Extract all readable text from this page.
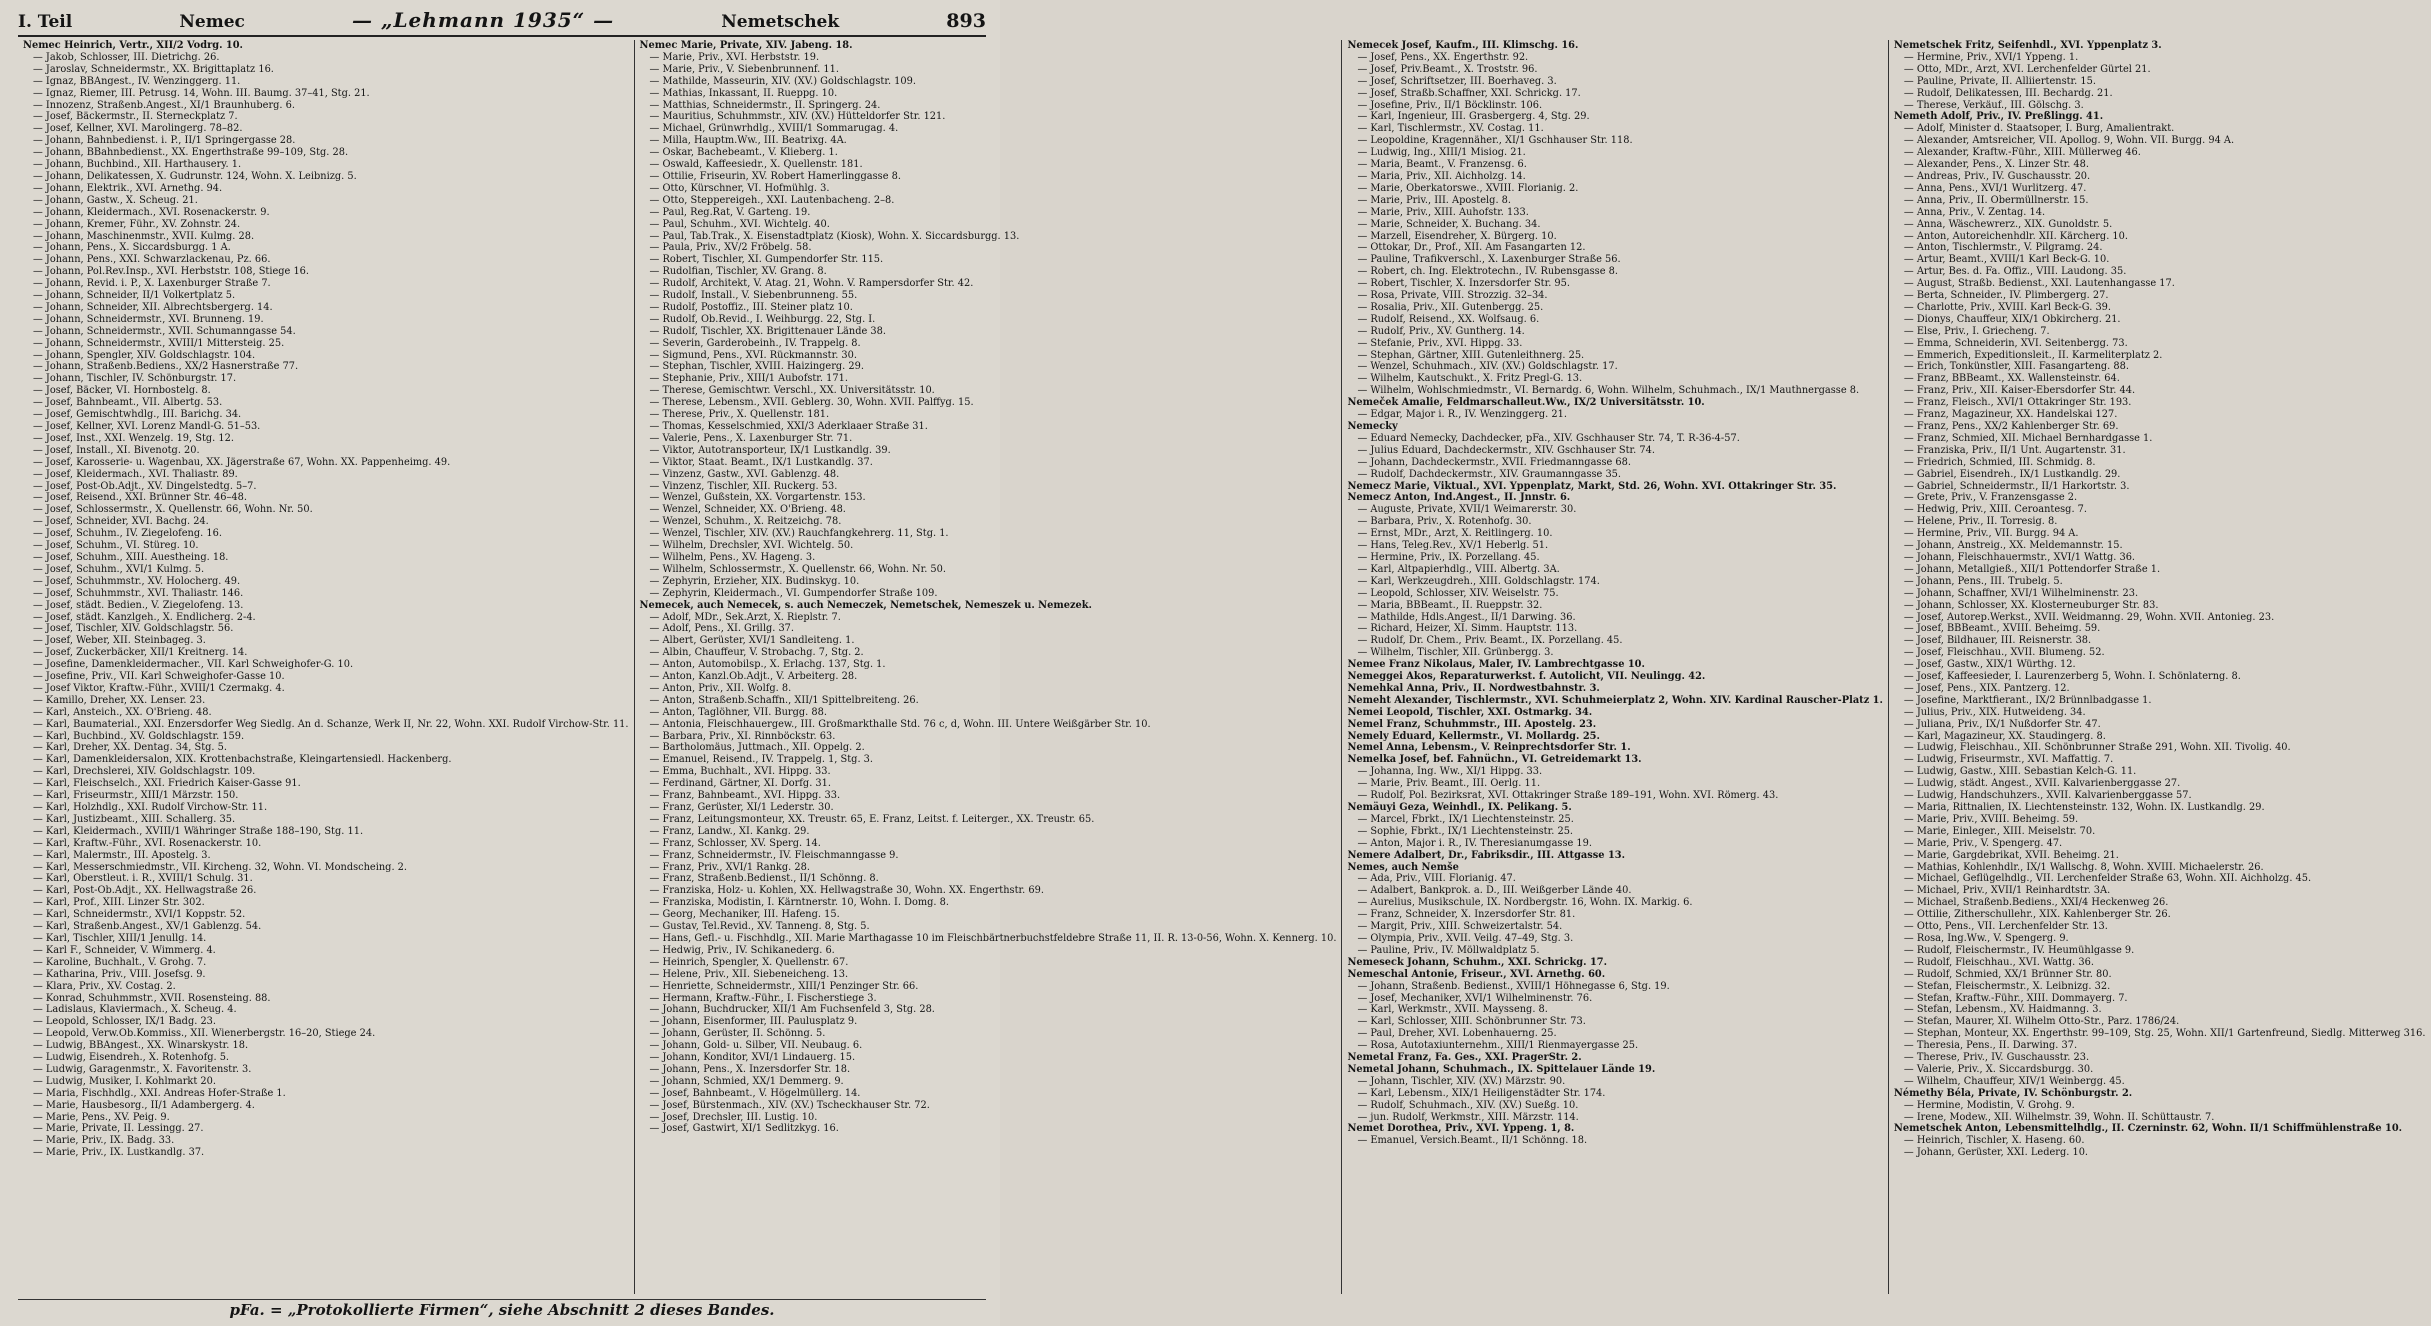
I. Teil	Nemec	— „Lehmann 1935“ —	Nemetschek	893
Nemec Heinrich, Vertr., XII/2 Vodrg. 10.
— Jakob, Schlosser, III. Dietrichg. 26.
— Jaroslav, Schneidermstr., XX. Brigittaplatz 16.
— Ignaz, BBAngest., IV. Wenzinggerg. 11.
— Ignaz, Riemer, III. Petrusg. 14, Wohn. III. Baumg. 37–41, Stg. 21.
— Innozenz, Straßenb.Angest., XI/1 Braunhuberg. 6.
— Josef, Bäckermstr., II. Sterneckplatz 7.
— Josef, Kellner, XVI. Marolingerg. 78–82.
— Johann, Bahnbedienst. i. P., II/1 Springergasse 28.
— Johann, BBahnbedienst., XX. Engerthstraße 99–109, Stg. 28.
— Johann, Buchbind., XII. Harthausery. 1.
— Johann, Delikatessen, X. Gudrunstr. 124, Wohn. X. Leibnizg. 5.
— Johann, Elektrik., XVI. Arnethg. 94.
— Johann, Gastw., X. Scheug. 21.
— Johann, Kleidermach., XVI. Rosenackerstr. 9.
— Johann, Kremer, Führ., XV. Zohnstr. 24.
— Johann, Maschinenmstr., XVII. Kulmg. 28.
— Johann, Pens., X. Siccardsburgg. 1 A.
— Johann, Pens., XXI. Schwarzlackenau, Pz. 66.
— Johann, Pol.Rev.Insp., XVI. Herbststr. 108, Stiege 16.
— Johann, Revid. i. P., X. Laxenburger Straße 7.
— Johann, Schneider, II/1 Volkertplatz 5.
— Johann, Schneider, XII. Albrechtsbergerg. 14.
— Johann, Schneidermstr., XVI. Brunneng. 19.
— Johann, Schneidermstr., XVII. Schumanngasse 54.
— Johann, Schneidermstr., XVIII/1 Mittersteig. 25.
— Johann, Spengler, XIV. Goldschlagstr. 104.
— Johann, Straßenb.Bediens., XX/2 Hasnerstraße 77.
— Johann, Tischler, IV. Schönburgstr. 17.
— Josef, Bäcker, VI. Hornbostelg. 8.
— Josef, Bahnbeamt., VII. Albertg. 53.
— Josef, Gemischtwhdlg., III. Barichg. 34.
— Josef, Kellner, XVI. Lorenz Mandl-G. 51–53.
— Josef, Inst., XXI. Wenzelg. 19, Stg. 12.
— Josef, Install., XI. Bivenotg. 20.
— Josef, Karosserie- u. Wagenbau, XX. Jägerstraße 67, Wohn. XX. Pappenheimg. 49.
— Josef, Kleidermach., XVI. Thaliastr. 89.
— Josef, Post-Ob.Adjt., XV. Dingelstedtg. 5–7.
— Josef, Reisend., XXI. Brünner Str. 46–48.
— Josef, Schlossermstr., X. Quellenstr. 66, Wohn. Nr. 50.
— Josef, Schneider, XVI. Bachg. 24.
— Josef, Schuhm., IV. Ziegelofeng. 16.
— Josef, Schuhm., VI. Stüreg. 10.
— Josef, Schuhm., XIII. Auestheing. 18.
— Josef, Schuhm., XVI/1 Kulmg. 5.
— Josef, Schuhmmstr., XV. Holocherg. 49.
— Josef, Schuhmmstr., XVI. Thaliastr. 146.
— Josef, städt. Bedien., V. Ziegelofeng. 13.
— Josef, städt. Kanzlgeh., X. Endlicherg. 2-4.
— Josef, Tischler, XIV. Goldschlagstr. 56.
— Josef, Weber, XII. Steinbageg. 3.
— Josef, Zuckerbäcker, XII/1 Kreitnerg. 14.
— Josefine, Damenkleidermacher., VII. Karl Schweighofer-G. 10.
— Josefine, Priv., VII. Karl Schweighofer-Gasse 10.
— Josef Viktor, Kraftw.-Führ., XVIII/1 Czermakg. 4.
— Kamillo, Dreher, XX. Lenser. 23.
— Karl, Ansteich., XX. O'Brieng. 48.
— Karl, Baumaterial., XXI. Enzersdorfer Weg Siedlg. An d. Schanze, Werk II, Nr. 22, Wohn. XXI. Rudolf Virchow-Str. 11.
— Karl, Buchbind., XV. Goldschlagstr. 159.
— Karl, Dreher, XX. Dentag. 34, Stg. 5.
— Karl, Damenkleidersalon, XIX. Krottenbachstraße, Kleingartensiedl. Hackenberg.
— Karl, Drechslerei, XIV. Goldschlagstr. 109.
— Karl, Fleischselch., XXI. Friedrich Kaiser-Gasse 91.
— Karl, Friseurmstr., XIII/1 Märzstr. 150.
— Karl, Holzhdlg., XXI. Rudolf Virchow-Str. 11.
— Karl, Justizbeamt., XIII. Schallerg. 35.
— Karl, Kleidermach., XVIII/1 Währinger Straße 188–190, Stg. 11.
— Karl, Kraftw.-Führ., XVI. Rosenackerstr. 10.
— Karl, Malermstr., III. Apostelg. 3.
— Karl, Messerschmiedmstr., VII. Kircheng. 32, Wohn. VI. Mondscheing. 2.
— Karl, Oberstleut. i. R., XVIII/1 Schulg. 31.
— Karl, Post-Ob.Adjt., XX. Hellwagstraße 26.
— Karl, Prof., XIII. Linzer Str. 302.
— Karl, Schneidermstr., XVI/1 Koppstr. 52.
— Karl, Straßenb.Angest., XV/1 Gablenzg. 54.
— Karl, Tischler, XIII/1 Jenullg. 14.
— Karl F., Schneider, V. Wimmerg. 4.
— Karoline, Buchhalt., V. Grohg. 7.
— Katharina, Priv., VIII. Josefsg. 9.
— Klara, Priv., XV. Costag. 2.
— Konrad, Schuhmmstr., XVII. Rosensteing. 88.
— Ladislaus, Klaviermach., X. Scheug. 4.
— Leopold, Schlosser, IX/1 Badg. 23.
— Leopold, Verw.Ob.Kommiss., XII. Wienerbergstr. 16–20, Stiege 24.
— Ludwig, BBAngest., XX. Winarskystr. 18.
— Ludwig, Eisendreh., X. Rotenhofg. 5.
— Ludwig, Garagenmstr., X. Favoritenstr. 3.
— Ludwig, Musiker, I. Kohlmarkt 20.
— Maria, Fischhdlg., XXI. Andreas Hofer-Straße 1.
— Marie, Hausbesorg., II/1 Adambergerg. 4.
— Marie, Pens., XV. Peig. 9.
— Marie, Private, II. Lessingg. 27.
— Marie, Priv., IX. Badg. 33.
— Marie, Priv., IX. Lustkandlg. 37.
Nemec Marie, Private, XIV. Jabeng. 18.
— Marie, Priv., XVI. Herbststr. 19.
— Marie, Priv., V. Siebenbrunnenf. 11.
— Mathilde, Masseurin, XIV. (XV.) Goldschlagstr. 109.
— Mathias, Inkassant, II. Rueppg. 10.
— Matthias, Schneidermstr., II. Springerg. 24.
— Mauritius, Schuhmmstr., XIV. (XV.) Hütteldorfer Str. 121.
— Michael, Grünwrhdlg., XVIII/1 Sommarugag. 4.
— Milla, Hauptm.Ww., III. Beatrixg. 4A.
— Oskar, Bachebeamt., V. Klieberg. 1.
— Oswald, Kaffeesiedr., X. Quellenstr. 181.
— Ottilie, Friseurin, XV. Robert Hamerlinggasse 8.
— Otto, Kürschner, VI. Hofmühlg. 3.
— Otto, Steppereigeh., XXI. Lautenbacheng. 2–8.
— Paul, Reg.Rat, V. Garteng. 19.
— Paul, Schuhm., XVI. Wichtelg. 40.
— Paul, Tab.Trak., X. Eisenstadtplatz (Kiosk), Wohn. X. Siccardsburgg. 13.
— Paula, Priv., XV/2 Fröbelg. 58.
— Robert, Tischler, XI. Gumpendorfer Str. 115.
— Rudolfian, Tischler, XV. Grang. 8.
— Rudolf, Architekt, V. Atag. 21, Wohn. V. Rampersdorfer Str. 42.
— Rudolf, Install., V. Siebenbrunneng. 55.
— Rudolf, Postoffiz., III. Steiner platz 10.
— Rudolf, Ob.Revid., I. Weihburgg. 22, Stg. I.
— Rudolf, Tischler, XX. Brigittenauer Lände 38.
— Severin, Garderobeinh., IV. Trappelg. 8.
— Sigmund, Pens., XVI. Rückmannstr. 30.
— Stephan, Tischler, XVIII. Haizingerg. 29.
— Stephanie, Priv., XIII/1 Aubofstr. 171.
— Therese, Gemischtwr. Verschl., XX. Universitätsstr. 10.
— Therese, Lebensm., XVII. Geblerg. 30, Wohn. XVII. Palffyg. 15.
— Therese, Priv., X. Quellenstr. 181.
— Thomas, Kesselschmied, XXI/3 Aderklaaer Straße 31.
— Valerie, Pens., X. Laxenburger Str. 71.
— Viktor, Autotransporteur, IX/1 Lustkandlg. 39.
— Viktor, Staat. Beamt., IX/1 Lustkandlg. 37.
— Vinzenz, Gastw., XVI. Gablenzg. 48.
— Vinzenz, Tischler, XII. Ruckerg. 53.
— Wenzel, Gußstein, XX. Vorgartenstr. 153.
— Wenzel, Schneider, XX. O'Brieng. 48.
— Wenzel, Schuhm., X. Reitzeichg. 78.
— Wenzel, Tischler, XIV. (XV.) Rauchfangkehrerg. 11, Stg. 1.
— Wilhelm, Drechsler, XVI. Wichtelg. 50.
— Wilhelm, Pens., XV. Hageng. 3.
— Wilhelm, Schlossermstr., X. Quellenstr. 66, Wohn. Nr. 50.
— Zephyrin, Erzieher, XIX. Budinskyg. 10.
— Zephyrin, Kleidermach., VI. Gumpendorfer Straße 109.
Nemecek, auch Nemecek, s. auch Nemeczek, Nemetschek, Nemeszek u. Nemezek.
— Adolf, MDr., Sek.Arzt, X. Rieplstr. 7.
— Adolf, Pens., XI. Grillg. 37.
— Albert, Gerüster, XVI/1 Sandleiteng. 1.
— Albin, Chauffeur, V. Strobachg. 7, Stg. 2.
— Anton, Automobilsp., X. Erlachg. 137, Stg. 1.
— Anton, Kanzl.Ob.Adjt., V. Arbeiterg. 28.
— Anton, Priv., XII. Wolfg. 8.
— Anton, Straßenb.Schaffn., XII/1 Spittelbreiteng. 26.
— Anton, Taglöhner, VII. Burgg. 88.
— Antonia, Fleischhauergew., III. Großmarkthalle Std. 76 c, d, Wohn. III. Untere Weißgärber Str. 10.
— Barbara, Priv., XI. Rinnböckstr. 63.
— Bartholomäus, Juttmach., XII. Oppelg. 2.
— Emanuel, Reisend., IV. Trappelg. 1, Stg. 3.
— Emma, Buchhalt., XVI. Hippg. 33.
— Ferdinand, Gärtner, XI. Dorfg. 31.
— Franz, Bahnbeamt., XVI. Hippg. 33.
— Franz, Gerüster, XI/1 Lederstr. 30.
— Franz, Leitungsmonteur, XX. Treustr. 65, E. Franz, Leitst. f. Leiterger., XX. Treustr. 65.
— Franz, Landw., XI. Kankg. 29.
— Franz, Schlosser, XV. Sperg. 14.
— Franz, Schneidermstr., IV. Fleischmanngasse 9.
— Franz, Priv., XVI/1 Rankg. 28.
— Franz, Straßenb.Bedienst., II/1 Schönng. 8.
— Franziska, Holz- u. Kohlen, XX. Hellwagstraße 30, Wohn. XX. Engerthstr. 69.
— Franziska, Modistin, I. Kärntnerstr. 10, Wohn. I. Domg. 8.
— Georg, Mechaniker, III. Hafeng. 15.
— Gustav, Tel.Revid., XV. Tanneng. 8, Stg. 5.
— Hans, Gefl.- u. Fischhdlg., XII. Marie Marthagasse 10 im Fleischbärtnerbuchstfeldebre Straße 11, II. R. 13-0-56, Wohn. X. Kennerg. 10.
— Hedwig, Priv., IV. Schikanederg. 6.
— Heinrich, Spengler, X. Quellenstr. 67.
— Helene, Priv., XII. Siebeneicheng. 13.
— Henriette, Schneidermstr., XIII/1 Penzinger Str. 66.
— Hermann, Kraftw.-Führ., I. Fischerstiege 3.
— Johann, Buchdrucker, XII/1 Am Fuchsenfeld 3, Stg. 28.
— Johann, Eisenformer, III. Paulusplatz 9.
— Johann, Gerüster, II. Schönng. 5.
— Johann, Gold- u. Silber, VII. Neubaug. 6.
— Johann, Konditor, XVI/1 Lindauerg. 15.
— Johann, Pens., X. Inzersdorfer Str. 18.
— Johann, Schmied, XX/1 Demmerg. 9.
— Josef, Bahnbeamt., V. Högelmüllerg. 14.
— Josef, Bürstenmach., XIV. (XV.) Tscheckhauser Str. 72.
— Josef, Drechsler, III. Lustig. 10.
— Josef, Gastwirt, XI/1 Sedlitzkyg. 16.
Nemecek Josef, Kaufm., III. Klimschg. 16.
— Josef, Pens., XX. Engerthstr. 92.
— Josef, Priv.Beamt., X. Troststr. 96.
— Josef, Schriftsetzer, III. Boerhaveg. 3.
— Josef, Straßb.Schaffner, XXI. Schrickg. 17.
— Josefine, Priv., II/1 Böcklinstr. 106.
— Karl, Ingenieur, III. Grasbergerg. 4, Stg. 29.
— Karl, Tischlermstr., XV. Costag. 11.
— Leopoldine, Kragennäher., XI/1 Gschhauser Str. 118.
— Ludwig, Ing., XIII/1 Misiog. 21.
— Maria, Beamt., V. Franzensg. 6.
— Maria, Priv., XII. Aichholzg. 14.
— Marie, Oberkatorswe., XVIII. Florianig. 2.
— Marie, Priv., III. Apostelg. 8.
— Marie, Priv., XIII. Auhofstr. 133.
— Marie, Schneider, X. Buchang. 34.
— Marzell, Eisendreher, X. Bürgerg. 10.
— Ottokar, Dr., Prof., XII. Am Fasangarten 12.
— Pauline, Trafikverschl., X. Laxenburger Straße 56.
— Robert, ch. Ing. Elektrotechn., IV. Rubensgasse 8.
— Robert, Tischler, X. Inzersdorfer Str. 95.
— Rosa, Private, VIII. Strozzig. 32–34.
— Rosalia, Priv., XII. Gutenbergg. 25.
— Rudolf, Reisend., XX. Wolfsaug. 6.
— Rudolf, Priv., XV. Guntherg. 14.
— Stefanie, Priv., XVI. Hippg. 33.
— Stephan, Gärtner, XIII. Gutenleithnerg. 25.
— Wenzel, Schuhmach., XIV. (XV.) Goldschlagstr. 17.
— Wilhelm, Kautschukt., X. Fritz Pregl-G. 13.
— Wilhelm, Wohlschmiedmstr., VI. Bernardg. 6, Wohn. Wilhelm, Schuhmach., IX/1 Mauthnergasse 8.
Nemeček Amalie, Feldmarschalleut.Ww., IX/2 Universitätsstr. 10.
— Edgar, Major i. R., IV. Wenzinggerg. 21.
Nemecky
— Eduard Nemecky, Dachdecker, pFa., XIV. Gschhauser Str. 74, T. R-36-4-57.
— Julius Eduard, Dachdeckermstr., XIV. Gschhauser Str. 74.
— Johann, Dachdeckermstr., XVII. Friedmanngasse 68.
— Rudolf, Dachdeckermstr., XIV. Graumanngasse 35.
Nemecz Marie, Viktual., XVI. Yppenplatz, Markt, Std. 26, Wohn. XVI. Ottakringer Str. 35.
Nemecz Anton, Ind.Angest., II. Jnnstr. 6.
— Auguste, Private, XVII/1 Weimarerstr. 30.
— Barbara, Priv., X. Rotenhofg. 30.
— Ernst, MDr., Arzt, X. Reitlingerg. 10.
— Hans, Teleg.Rev., XV/1 Heberlg. 51.
— Hermine, Priv., IX. Porzellang. 45.
— Karl, Altpapierhdlg., VIII. Albertg. 3A.
— Karl, Werkzeugdreh., XIII. Goldschlagstr. 174.
— Leopold, Schlosser, XIV. Weiselstr. 75.
— Maria, BBBeamt., II. Rueppstr. 32.
— Mathilde, Hdls.Angest., II/1 Darwing. 36.
— Richard, Heizer, XI. Simm. Hauptstr. 113.
— Rudolf, Dr. Chem., Priv. Beamt., IX. Porzellang. 45.
— Wilhelm, Tischler, XII. Grünbergg. 3.
Nemee Franz Nikolaus, Maler, IV. Lambrechtgasse 10.
Nemeggei Akos, Reparaturwerkst. f. Autolicht, VII. Neulingg. 42.
Nemehkal Anna, Priv., II. Nordwestbahnstr. 3.
Nemeht Alexander, Tischlermstr., XVI. Schuhmeierplatz 2, Wohn. XIV. Kardinal Rauscher-Platz 1.
Nemei Leopold, Tischler, XXI. Ostmarkg. 34.
Nemel Franz, Schuhmmstr., III. Apostelg. 23.
Nemely Eduard, Kellermstr., VI. Mollardg. 25.
Nemel Anna, Lebensm., V. Reinprechtsdorfer Str. 1.
Nemelka Josef, bef. Fahnüchn., VI. Getreidemarkt 13.
— Johanna, Ing. Ww., XI/1 Hippg. 33.
— Marie, Priv. Beamt., III. Oerlg. 11.
— Rudolf, Pol. Bezirksrat, XVI. Ottakringer Straße 189–191, Wohn. XVI. Römerg. 43.
Nemäuyi Geza, Weinhdl., IX. Pelikang. 5.
— Marcel, Fbrkt., IX/1 Liechtensteinstr. 25.
— Sophie, Fbrkt., IX/1 Liechtensteinstr. 25.
— Anton, Major i. R., IV. Theresianumgasse 19.
Nemere Adalbert, Dr., Fabriksdir., III. Attgasse 13.
Nemes, auch Nemše
— Ada, Priv., VIII. Florianig. 47.
— Adalbert, Bankprok. a. D., III. Weißgerber Lände 40.
— Aurelius, Musikschule, IX. Nordbergstr. 16, Wohn. IX. Markig. 6.
— Franz, Schneider, X. Inzersdorfer Str. 81.
— Margit, Priv., XIII. Schweizertalstr. 54.
— Olympia, Priv., XVII. Veilg. 47–49, Stg. 3.
— Pauline, Priv., IV. Möllwaldplatz 5.
Nemeseck Johann, Schuhm., XXI. Schrickg. 17.
Nemeschal Antonie, Friseur., XVI. Arnethg. 60.
— Johann, Straßenb. Bedienst., XVIII/1 Höhnegasse 6, Stg. 19.
— Josef, Mechaniker, XVI/1 Wilhelminenstr. 76.
— Karl, Werkmstr., XVII. Maysseng. 8.
— Karl, Schlosser, XIII. Schönbrunner Str. 73.
— Paul, Dreher, XVI. Lobenhauerng. 25.
— Rosa, Autotaxiunternehm., XIII/1 Rienmayergasse 25.
Nemetal Franz, Fa. Ges., XXI. PragerStr. 2.
Nemetal Johann, Schuhmach., IX. Spittelauer Lände 19.
— Johann, Tischler, XIV. (XV.) Märzstr. 90.
— Karl, Lebensm., XIX/1 Heiligenstädter Str. 174.
— Rudolf, Schuhmach., XIV. (XV.) Sueßg. 10.
— jun. Rudolf, Werkmstr., XIII. Märzstr. 114.
Nemet Dorothea, Priv., XVI. Yppeng. 1, 8.
— Emanuel, Versich.Beamt., II/1 Schönng. 18.
Nemetschek Fritz, Seifenhdl., XVI. Yppenplatz 3.
— Hermine, Priv., XVI/1 Yppeng. 1.
— Otto, MDr., Arzt, XVI. Lerchenfelder Gürtel 21.
— Pauline, Private, II. Alliiertenstr. 15.
— Rudolf, Delikatessen, III. Bechardg. 21.
— Therese, Verkäuf., III. Gölschg. 3.
Nemeth Adolf, Priv., IV. Preßlingg. 41.
— Adolf, Minister d. Staatsoper, I. Burg, Amalientrakt.
— Alexander, Amtsreicher, VII. Apollog. 9, Wohn. VII. Burgg. 94 A.
— Alexander, Kraftw.-Führ., XIII. Müllerweg 46.
— Alexander, Pens., X. Linzer Str. 48.
— Andreas, Priv., IV. Guschausstr. 20.
— Anna, Pens., XVI/1 Wurlitzerg. 47.
— Anna, Priv., II. Obermüllnerstr. 15.
— Anna, Priv., V. Zentag. 14.
— Anna, Wäschewrerz., XIX. Gunoldstr. 5.
— Anton, Autoreichenhdlr. XII. Kärcherg. 10.
— Anton, Tischlermstr., V. Pilgramg. 24.
— Artur, Beamt., XVIII/1 Karl Beck-G. 10.
— Artur, Bes. d. Fa. Offiz., VIII. Laudong. 35.
— August, Straßb. Bedienst., XXI. Lautenhangasse 17.
— Berta, Schneider., IV. Plimbergerg. 27.
— Charlotte, Priv., XVIII. Karl Beck-G. 39.
— Dionys, Chauffeur, XIX/1 Obkircherg. 21.
— Else, Priv., I. Griecheng. 7.
— Emma, Schneiderin, XVI. Seitenbergg. 73.
— Emmerich, Expeditionsleit., II. Karmeliterplatz 2.
— Erich, Tonkünstler, XIII. Fasangarteng. 88.
— Franz, BBBeamt., XX. Wallensteinstr. 64.
— Franz, Priv., XII. Kaiser-Ebersdorfer Str. 44.
— Franz, Fleisch., XVI/1 Ottakringer Str. 193.
— Franz, Magazineur, XX. Handelskai 127.
— Franz, Pens., XX/2 Kahlenberger Str. 69.
— Franz, Schmied, XII. Michael Bernhardgasse 1.
— Franziska, Priv., II/1 Unt. Augartenstr. 31.
— Friedrich, Schmied, III. Schmidg. 8.
— Gabriel, Eisendreh., IX/1 Lustkandlg. 29.
— Gabriel, Schneidermstr., II/1 Harkortstr. 3.
— Grete, Priv., V. Franzensgasse 2.
— Hedwig, Priv., XIII. Ceroantesg. 7.
— Helene, Priv., II. Torresig. 8.
— Hermine, Priv., VII. Burgg. 94 A.
— Johann, Anstreig., XX. Meldemannstr. 15.
— Johann, Fleischhauermstr., XVI/1 Wattg. 36.
— Johann, Metallgieß., XII/1 Pottendorfer Straße 1.
— Johann, Pens., III. Trubelg. 5.
— Johann, Schaffner, XVI/1 Wilhelminenstr. 23.
— Johann, Schlosser, XX. Klosterneuburger Str. 83.
— Josef, Autorep.Werkst., XVII. Weidmanng. 29, Wohn. XVII. Antonieg. 23.
— Josef, BBBeamt., XVIII. Beheimg. 59.
— Josef, Bildhauer, III. Reisnerstr. 38.
— Josef, Fleischhau., XVII. Blumeng. 52.
— Josef, Gastw., XIX/1 Würthg. 12.
— Josef, Kaffeesieder, I. Laurenzerberg 5, Wohn. I. Schönlaterng. 8.
— Josef, Pens., XIX. Pantzerg. 12.
— Josefine, Marktfierant., IX/2 Brünnlbadgasse 1.
— Julius, Priv., XIX. Hutweideng. 34.
— Juliana, Priv., IX/1 Nußdorfer Str. 47.
— Karl, Magazineur, XX. Staudingerg. 8.
— Ludwig, Fleischhau., XII. Schönbrunner Straße 291, Wohn. XII. Tivolig. 40.
— Ludwig, Friseurmstr., XVI. Maffattig. 7.
— Ludwig, Gastw., XIII. Sebastian Kelch-G. 11.
— Ludwig, städt. Angest., XVII. Kalvarienberggasse 27.
— Ludwig, Handschuhzers., XVII. Kalvarienberggasse 57.
— Maria, Rittnalien, IX. Liechtensteinstr. 132, Wohn. IX. Lustkandlg. 29.
— Marie, Priv., XVIII. Beheimg. 59.
— Marie, Einleger., XIII. Meiselstr. 70.
— Marie, Priv., V. Spengerg. 47.
— Marie, Gargdebrikat, XVII. Beheimg. 21.
— Mathias, Kohlenhdlr., IX/1 Wallschg. 8, Wohn. XVIII. Michaelerstr. 26.
— Michael, Geflügelhdlg., VII. Lerchenfelder Straße 63, Wohn. XII. Aichholzg. 45.
— Michael, Priv., XVII/1 Reinhardtstr. 3A.
— Michael, Straßenb.Bediens., XXI/4 Heckenweg 26.
— Ottilie, Zitherschullehr., XIX. Kahlenberger Str. 26.
— Otto, Pens., VII. Lerchenfelder Str. 13.
— Rosa, Ing.Ww., V. Spengerg. 9.
— Rudolf, Fleischermstr., IV. Heumühlgasse 9.
— Rudolf, Fleischhau., XVI. Wattg. 36.
— Rudolf, Schmied, XX/1 Brünner Str. 80.
— Stefan, Fleischermstr., X. Leibnizg. 32.
— Stefan, Kraftw.-Führ., XIII. Dommayerg. 7.
— Stefan, Lebensm., XV. Haidmanng. 3.
— Stefan, Maurer, XI. Wilhelm Otto-Str., Parz. 1786/24.
— Stephan, Monteur, XX. Engerthstr. 99–109, Stg. 25, Wohn. XII/1 Gartenfreund, Siedlg. Mitterweg 316.
— Theresia, Pens., II. Darwing. 37.
— Therese, Priv., IV. Guschausstr. 23.
— Valerie, Priv., X. Siccardsburgg. 30.
— Wilhelm, Chauffeur, XIV/1 Weinbergg. 45.
Némethy Béla, Private, IV. Schönburgstr. 2.
— Hermine, Modistin, V. Grohg. 9.
— Irene, Modew., XII. Wilhelmstr. 39, Wohn. II. Schüttaustr. 7.
Nemetschek Anton, Lebensmittelhdlg., II. Czerninstr. 62, Wohn. II/1 Schiffmühlenstraße 10.
— Heinrich, Tischler, X. Haseng. 60.
— Johann, Gerüster, XXI. Lederg. 10.
pFa. = „Protokollierte Firmen“, siehe Abschnitt 2 dieses Bandes.
